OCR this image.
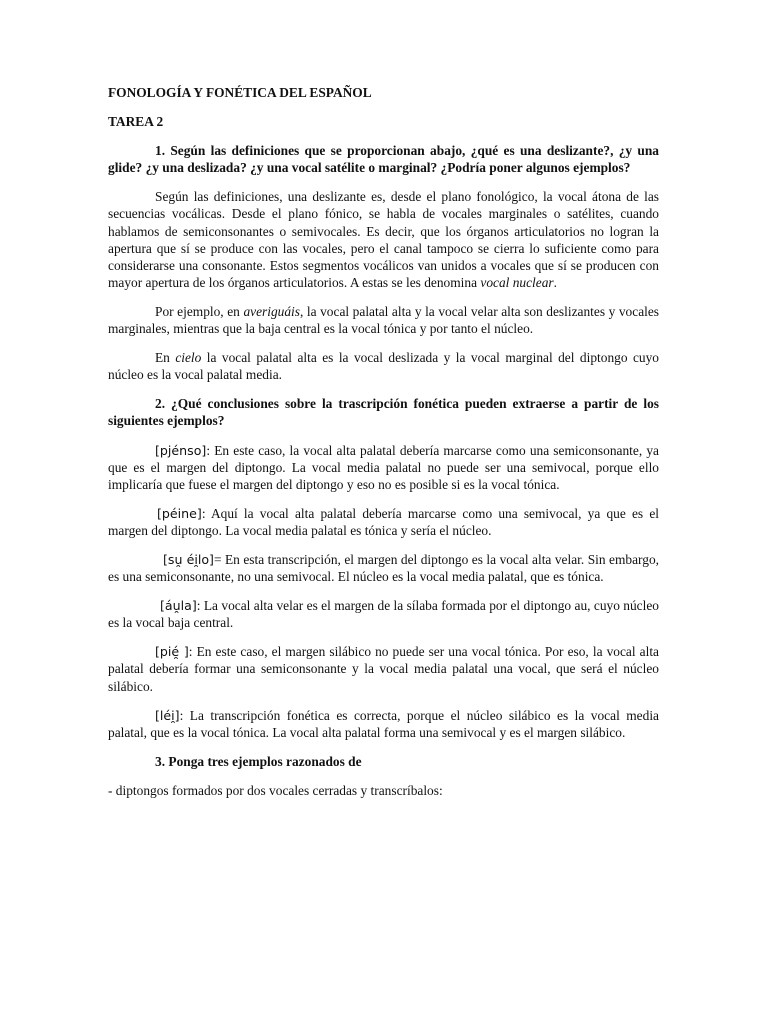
FONOLOGÍA Y FONÉTICA DEL ESPAÑOL

TAREA 2

1. Según las definiciones que se proporcionan abajo, ¿qué es una deslizante?, ¿y una glide? ¿y una deslizada? ¿y una vocal satélite o marginal? ¿Podría poner algunos ejemplos?

Según las definiciones, una deslizante es, desde el plano fonológico, la vocal átona de las secuencias vocálicas. Desde el plano fónico, se habla de vocales marginales o satélites, cuando hablamos de semiconsonantes o semivocales. Es decir, que los órganos articulatorios no logran la apertura que sí se produce con las vocales, pero el canal tampoco se cierra lo suficiente como para considerarse una consonante. Estos segmentos vocálicos van unidos a vocales que sí se producen con mayor apertura de los órganos articulatorios. A estas se les denomina vocal nuclear.

Por ejemplo, en averiguáis, la vocal palatal alta y la vocal velar alta son deslizantes y vocales marginales, mientras que la baja central es la vocal tónica y por tanto el núcleo.

En cielo la vocal palatal alta es la vocal deslizada y la vocal marginal del diptongo cuyo núcleo es la vocal palatal media.

2. ¿Qué conclusiones sobre la trascripción fonética pueden extraerse a partir de los siguientes ejemplos?

[pjénso]: En este caso, la vocal alta palatal debería marcarse como una semiconsonante, ya que es el margen del diptongo. La vocal media palatal no puede ser una semivocal, porque ello implicaría que fuese el margen del diptongo y eso no es posible si es la vocal tónica.

[péine]: Aquí la vocal alta palatal debería marcarse como una semivocal, ya que es el margen del diptongo. La vocal media palatal es tónica y sería el núcleo.

[su̯ éi̯lo]= En esta transcripción, el margen del diptongo es la vocal alta velar. Sin embargo, es una semiconsonante, no una semivocal. El núcleo es la vocal media palatal, que es tónica.

[áu̯la]: La vocal alta velar es el margen de la sílaba formada por el diptongo au, cuyo núcleo es la vocal baja central.

[pié̯ ]: En este caso, el margen silábico no puede ser una vocal tónica. Por eso, la vocal alta palatal debería formar una semiconsonante y la vocal media palatal una vocal, que será el núcleo silábico.

[léi̯]: La transcripción fonética es correcta, porque el núcleo silábico es la vocal media palatal, que es la vocal tónica. La vocal alta palatal forma una semivocal y es el margen silábico.

3. Ponga tres ejemplos razonados de

- diptongos formados por dos vocales cerradas y transcríbalos:
